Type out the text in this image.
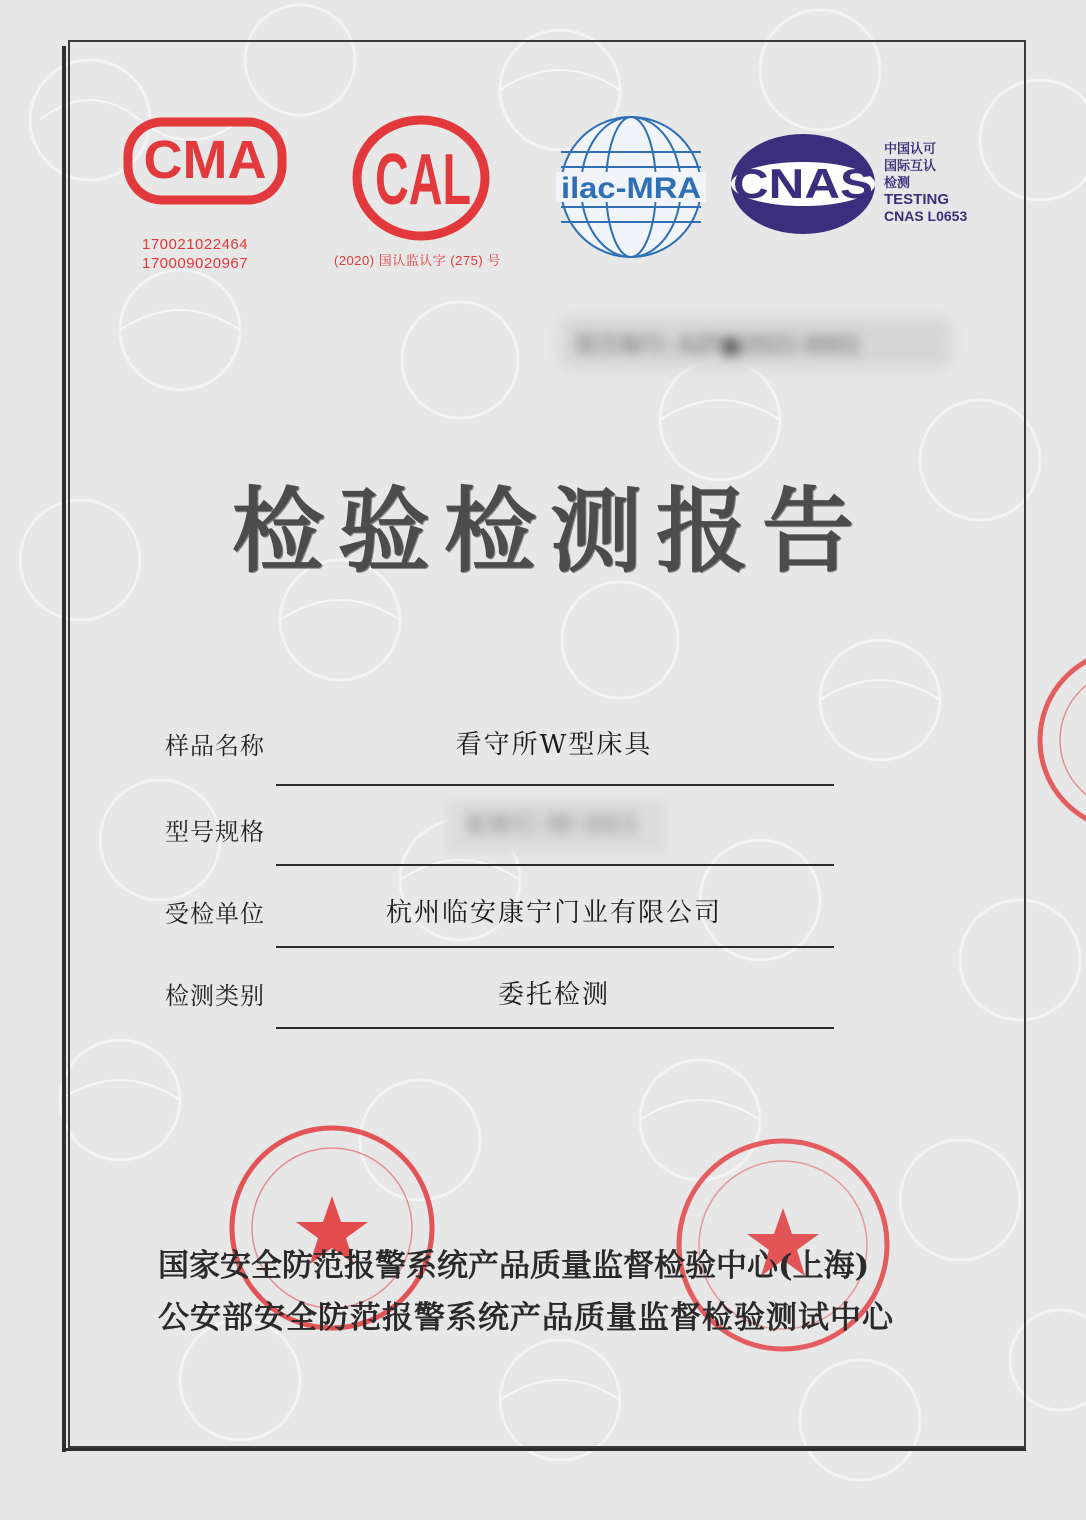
CMA
170021022464
170009020967
CAL
(2020) 国认监认字 (275) 号
ilac-MRA CNAS
中国认可
国际互认
检测
TESTING
CNAS L0653
报告编号: A2F■2021-0001
检验检测报告
样品名称	看守所W型床具
型号规格	KWC-W-001
受检单位	杭州临安康宁门业有限公司
检测类别	委托检测
国家安全防范报警系统产品质量监督检验中心(上海)
公安部安全防范报警系统产品质量监督检验测试中心
